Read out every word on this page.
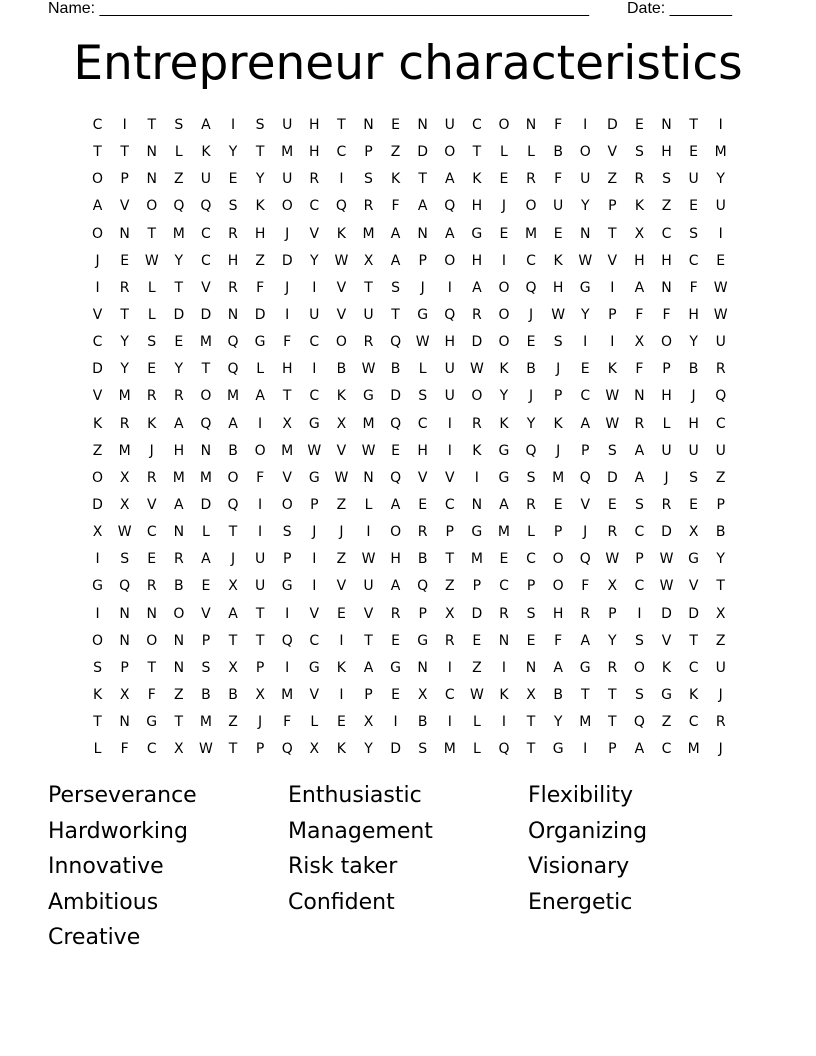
Name: _______________________________________________________ Date: _______
Entrepreneur characteristics
C	I	T	S	A	I	S	U	H	T	N	E	N	U	C	O	N	F	I	D	E	N	T	I
T	T	N	L	K	Y	T	M	H	C	P	Z	D	O	T	L	L	B	O	V	S	H	E	M
O	P	N	Z	U	E	Y	U	R	I	S	K	T	A	K	E	R	F	U	Z	R	S	U	Y
A	V	O	Q	Q	S	K	O	C	Q	R	F	A	Q	H	J	O	U	Y	P	K	Z	E	U
O	N	T	M	C	R	H	J	V	K	M	A	N	A	G	E	M	E	N	T	X	C	S	I
J	E	W	Y	C	H	Z	D	Y	W	X	A	P	O	H	I	C	K	W	V	H	H	C	E
I	R	L	T	V	R	F	J	I	V	T	S	J	I	A	O	Q	H	G	I	A	N	F	W
V	T	L	D	D	N	D	I	U	V	U	T	G	Q	R	O	J	W	Y	P	F	F	H	W
C	Y	S	E	M	Q	G	F	C	O	R	Q	W	H	D	O	E	S	I	I	X	O	Y	U
D	Y	E	Y	T	Q	L	H	I	B	W	B	L	U	W	K	B	J	E	K	F	P	B	R
V	M	R	R	O	M	A	T	C	K	G	D	S	U	O	Y	J	P	C	W	N	H	J	Q
K	R	K	A	Q	A	I	X	G	X	M	Q	C	I	R	K	Y	K	A	W	R	L	H	C
Z	M	J	H	N	B	O	M	W	V	W	E	H	I	K	G	Q	J	P	S	A	U	U	U
O	X	R	M	M	O	F	V	G	W	N	Q	V	V	I	G	S	M	Q	D	A	J	S	Z
D	X	V	A	D	Q	I	O	P	Z	L	A	E	C	N	A	R	E	V	E	S	R	E	P
X	W	C	N	L	T	I	S	J	J	I	O	R	P	G	M	L	P	J	R	C	D	X	B
I	S	E	R	A	J	U	P	I	Z	W	H	B	T	M	E	C	O	Q	W	P	W	G	Y
G	Q	R	B	E	X	U	G	I	V	U	A	Q	Z	P	C	P	O	F	X	C	W	V	T
I	N	N	O	V	A	T	I	V	E	V	R	P	X	D	R	S	H	R	P	I	D	D	X
O	N	O	N	P	T	T	Q	C	I	T	E	G	R	E	N	E	F	A	Y	S	V	T	Z
S	P	T	N	S	X	P	I	G	K	A	G	N	I	Z	I	N	A	G	R	O	K	C	U
K	X	F	Z	B	B	X	M	V	I	P	E	X	C	W	K	X	B	T	T	S	G	K	J
T	N	G	T	M	Z	J	F	L	E	X	I	B	I	L	I	T	Y	M	T	Q	Z	C	R
L	F	C	X	W	T	P	Q	X	K	Y	D	S	M	L	Q	T	G	I	P	A	C	M	J
Perseverance	Enthusiastic	Flexibility
Hardworking	Management	Organizing
Innovative	Risk taker	Visionary
Ambitious	Confident	Energetic
Creative
